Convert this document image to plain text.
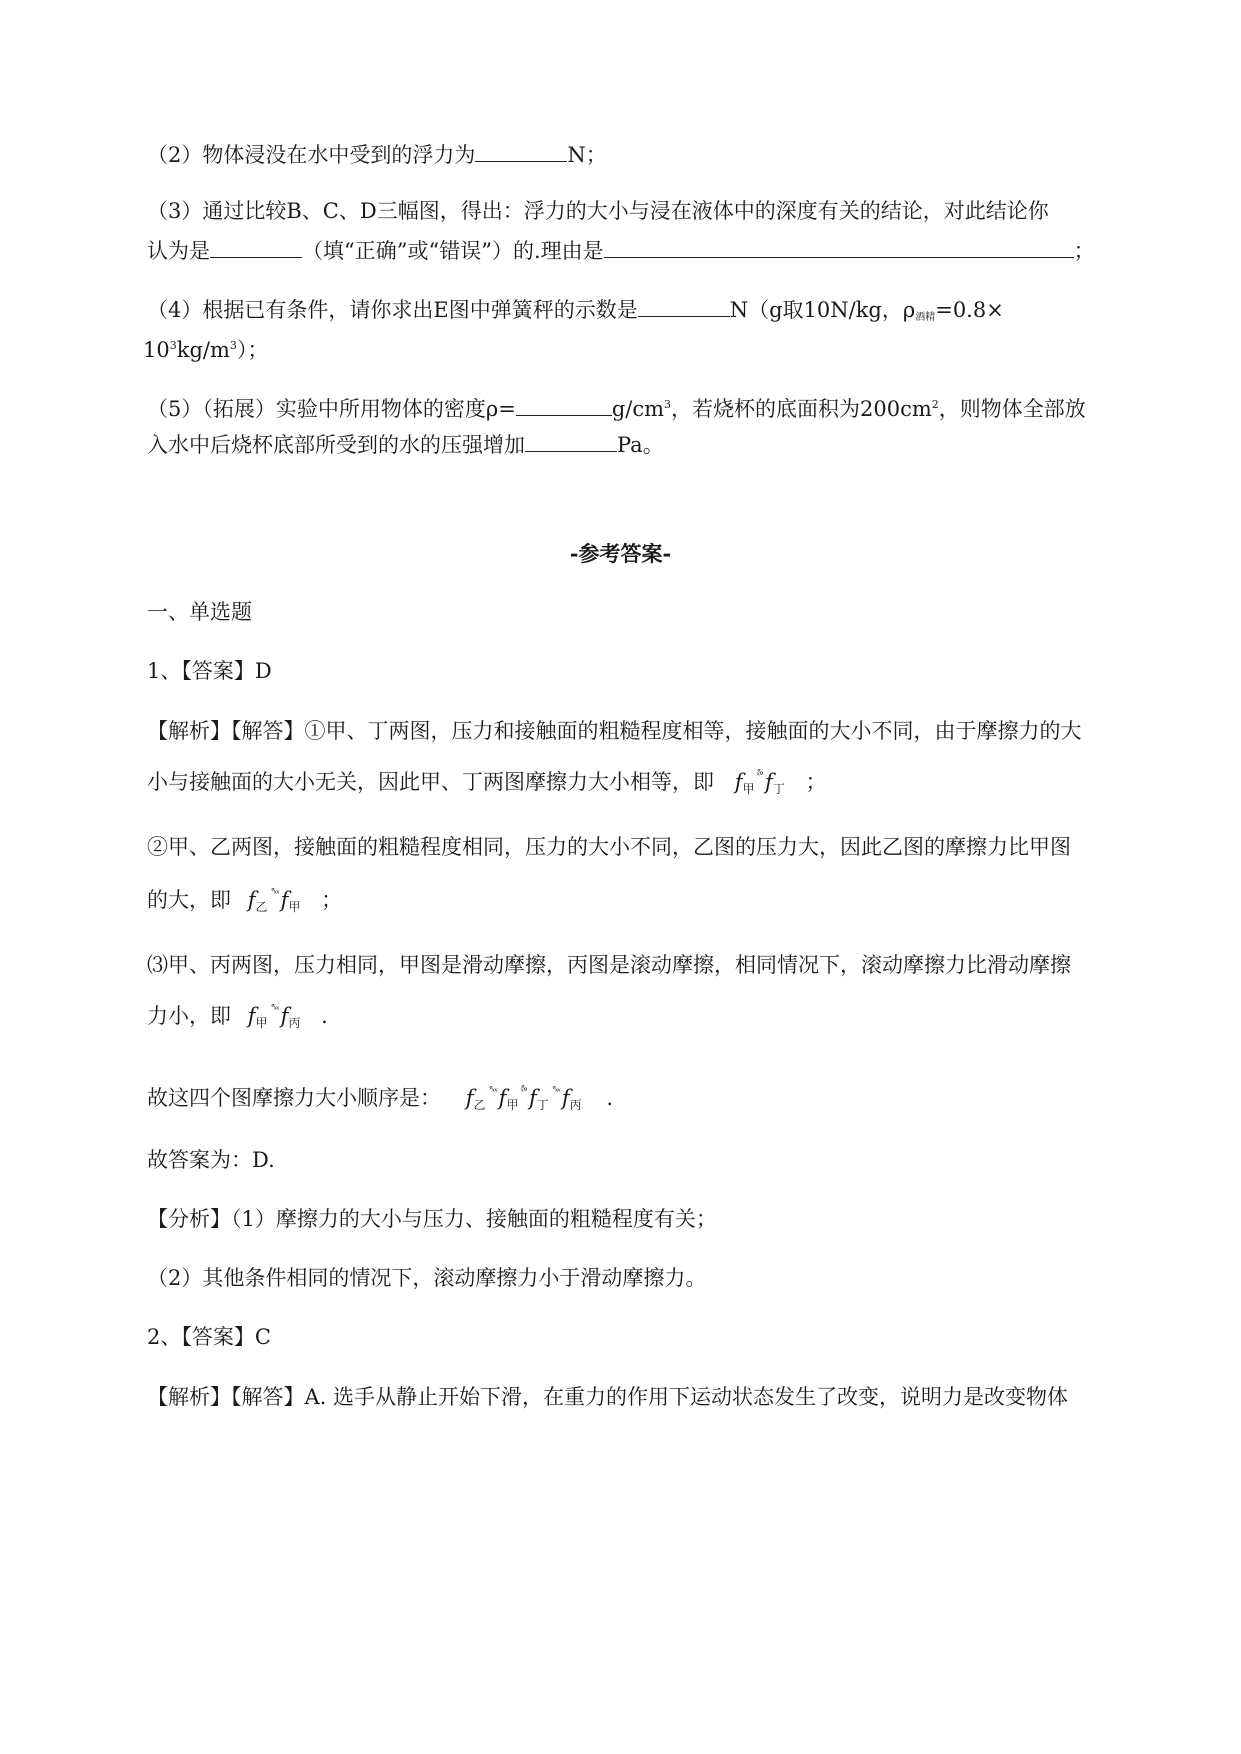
（2）物体浸没在水中受到的浮力为	N；
（3）通过比较B、C、D三幅图，得出：浮力的大小与浸在液体中的深度有关的结论，对此结论你
认为是	（填“正确”或“错误”）的.理由是	；
（4）根据已有条件，请你求出E图中弹簧秤的示数是	N（g取10N/kg，$\rho_{酒精}=0.8\times$
$10^3kg/m^3$）；
（5）（拓展）实验中所用物体的密度ρ=	$g/cm^3$，若烧杯的底面积为$200cm^2$，则物体全部放
入水中后烧杯底部所受到的水的压强增加	Pa。
-参考答案-
一、单选题
1、【答案】D
【解析】【解答】①甲、丁两图，压力和接触面的粗糙程度相等，接触面的大小不同，由于摩擦力的大
小与接触面的大小无关，因此甲、丁两图摩擦力大小相等，即 f甲$^{ˣ̊^\circ}$f丁 ；
②甲、乙两图，接触面的粗糙程度相同，压力的大小不同，乙图的压力大，因此乙图的摩擦力比甲图
的大，即 f乙$^{˚ˣˣ}$f甲 ；
⑶甲、丙两图，压力相同，甲图是滑动摩擦，丙图是滚动摩擦，相同情况下，滚动摩擦力比滑动摩擦
力小，即 f甲$^{˚ˣˣ}$f丙 .
故这四个图摩擦力大小顺序是： f乙$^{˚ˣˣ}$f甲$^{ˣ̊^\circ}$f丁$^{˚ˣˣ}$f丙 .
故答案为：D.
【分析】（1）摩擦力的大小与压力、接触面的粗糙程度有关；
（2）其他条件相同的情况下，滚动摩擦力小于滑动摩擦力。
2、【答案】C
【解析】【解答】A. 选手从静止开始下滑，在重力的作用下运动状态发生了改变，说明力是改变物体
